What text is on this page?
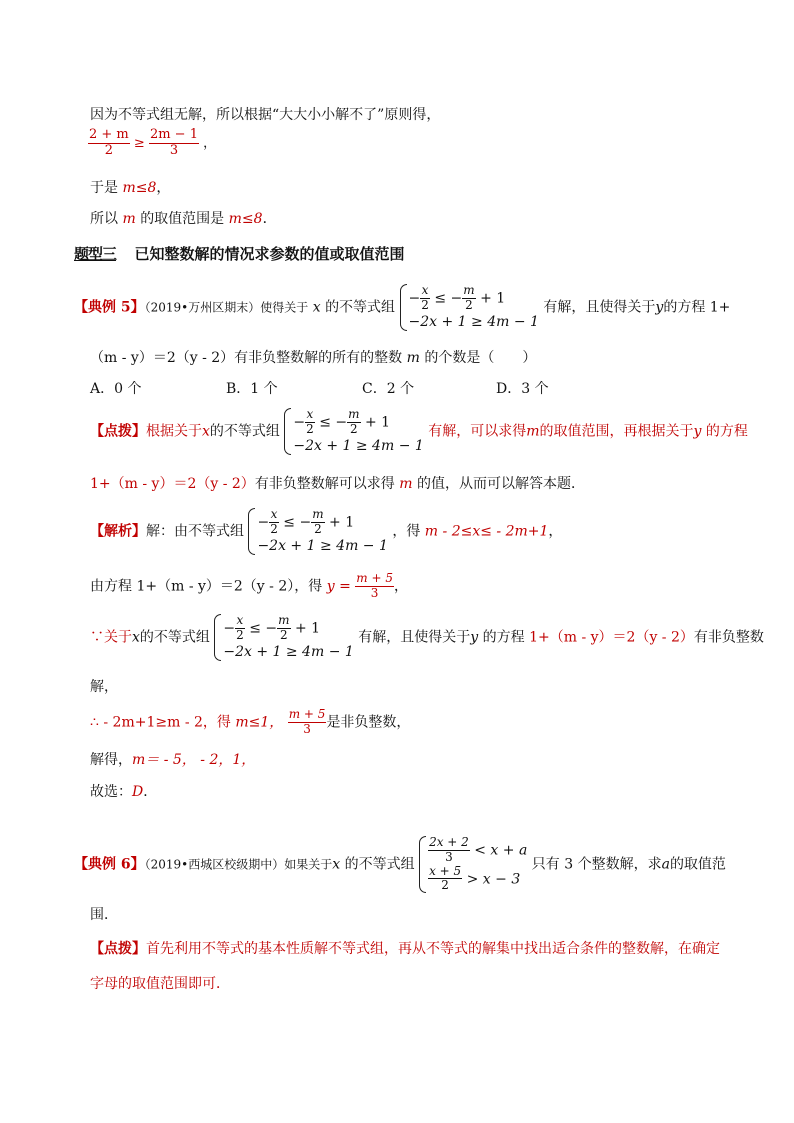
因为不等式组无解，所以根据“大大小小解不了”原则得，
$\frac{2 + m}{2} \ge \frac{2m - 1}{3}$ ，
于是 m≤8，
所以 m 的取值范围是 m≤8．
题型三 已知整数解的情况求参数的值或取值范围
【典例 5】（2019•万州区期末）使得关于 x 的不等式组
− $\frac{x}{2}$ ≤ − $\frac{m}{2} + 1$
−2x + 1 ≥ 4m − 1
有解，且使得关于y的方程 1+
（m - y）＝2（y - 2）有非负整数解的所有的整数 m 的个数是（　　）
A．0 个	B．1 个	C．2 个	D．3 个
【点拨】根据关于x的不等式组
− $\frac{x}{2}$ ≤ − $\frac{m}{2} + 1$
−2x + 1 ≥ 4m − 1
有解，可以求得m的取值范围，再根据关于y 的方程
1+（m - y）＝2（y - 2）有非负整数解可以求得 m 的值，从而可以解答本题．
【解析】解：由不等式组
− $\frac{x}{2}$ ≤ − $\frac{m}{2} + 1$
−2x + 1 ≥ 4m − 1
，得 m - 2≤x≤ - 2m+1，
由方程 1+（m - y）＝2（y - 2），得 $y = \frac{m + 5}{3}$ ，
∵关于x的不等式组
− $\frac{x}{2}$ ≤ − $\frac{m}{2} + 1$
−2x + 1 ≥ 4m − 1
有解，且使得关于y 的方程 1+（m - y）＝2（y - 2）有非负整数
解，
∴ - 2m+1≥m - 2，得 m≤1， $\frac{m + 5}{3}$ 是非负整数，
解得，m＝ - 5， - 2，1，
故选：D．
【典例 6】（2019•西城区校级期中）如果关于x 的不等式组 $\frac{2x + 2}{3} < x + a$
$\frac{x + 5}{2} > x - 3$
只有 3 个整数解，求a的取值范
围．
【点拨】首先利用不等式的基本性质解不等式组，再从不等式的解集中找出适合条件的整数解，在确定
字母的取值范围即可．
